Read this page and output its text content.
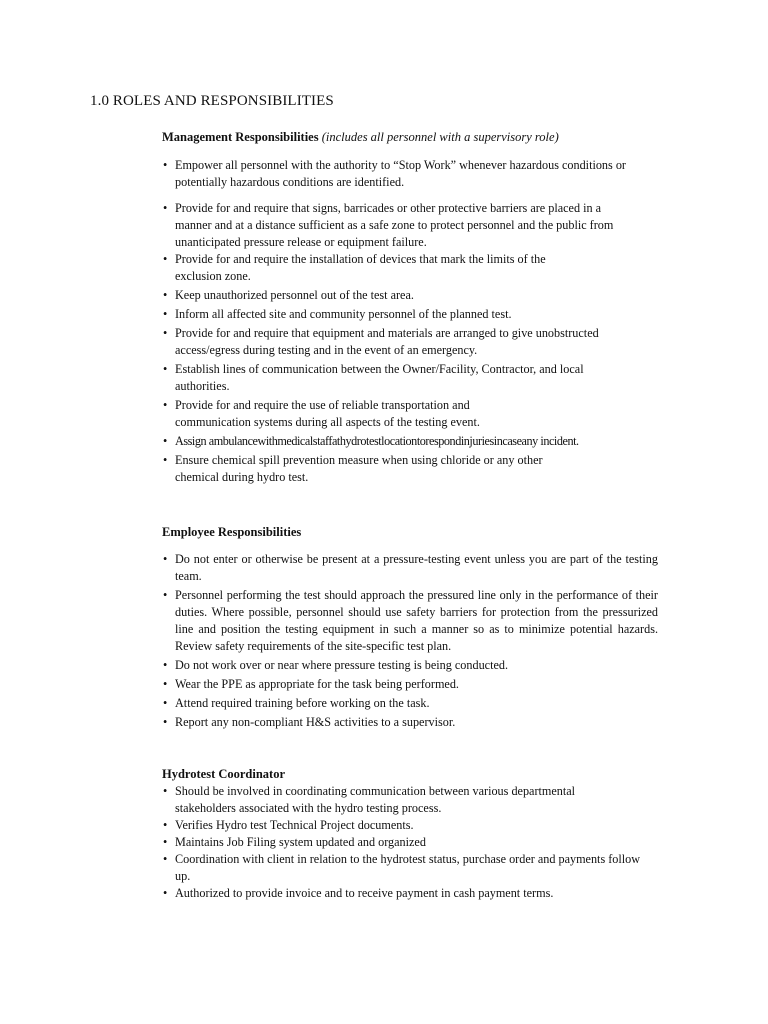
1.0 ROLES AND RESPONSIBILITIES

Management Responsibilities (includes all personnel with a supervisory role)

• Empower all personnel with the authority to “Stop Work” whenever hazardous conditions or potentially hazardous conditions are identified.
• Provide for and require that signs, barricades or other protective barriers are placed in a manner and at a distance sufficient as a safe zone to protect personnel and the public from unanticipated pressure release or equipment failure.
• Provide for and require the installation of devices that mark the limits of the exclusion zone.
• Keep unauthorized personnel out of the test area.
• Inform all affected site and community personnel of the planned test.
• Provide for and require that equipment and materials are arranged to give unobstructed access/egress during testing and in the event of an emergency.
• Establish lines of communication between the Owner/Facility, Contractor, and local authorities.
• Provide for and require the use of reliable transportation and communication systems during all aspects of the testing event.
• Assign ambulancewithmedicalstaffathydrotestlocationtorespondinjuriesincaseany incident.
• Ensure chemical spill prevention measure when using chloride or any other chemical during hydro test.

Employee Responsibilities

• Do not enter or otherwise be present at a pressure-testing event unless you are part of the testing team.
• Personnel performing the test should approach the pressured line only in the performance of their duties. Where possible, personnel should use safety barriers for protection from the pressurized line and position the testing equipment in such a manner so as to minimize potential hazards. Review safety requirements of the site-specific test plan.
• Do not work over or near where pressure testing is being conducted.
• Wear the PPE as appropriate for the task being performed.
• Attend required training before working on the task.
• Report any non-compliant H&S activities to a supervisor.

Hydrotest Coordinator

• Should be involved in coordinating communication between various departmental stakeholders associated with the hydro testing process.
• Verifies Hydro test Technical Project documents.
• Maintains Job Filing system updated and organized
• Coordination with client in relation to the hydrotest status, purchase order and payments follow up.
• Authorized to provide invoice and to receive payment in cash payment terms.
